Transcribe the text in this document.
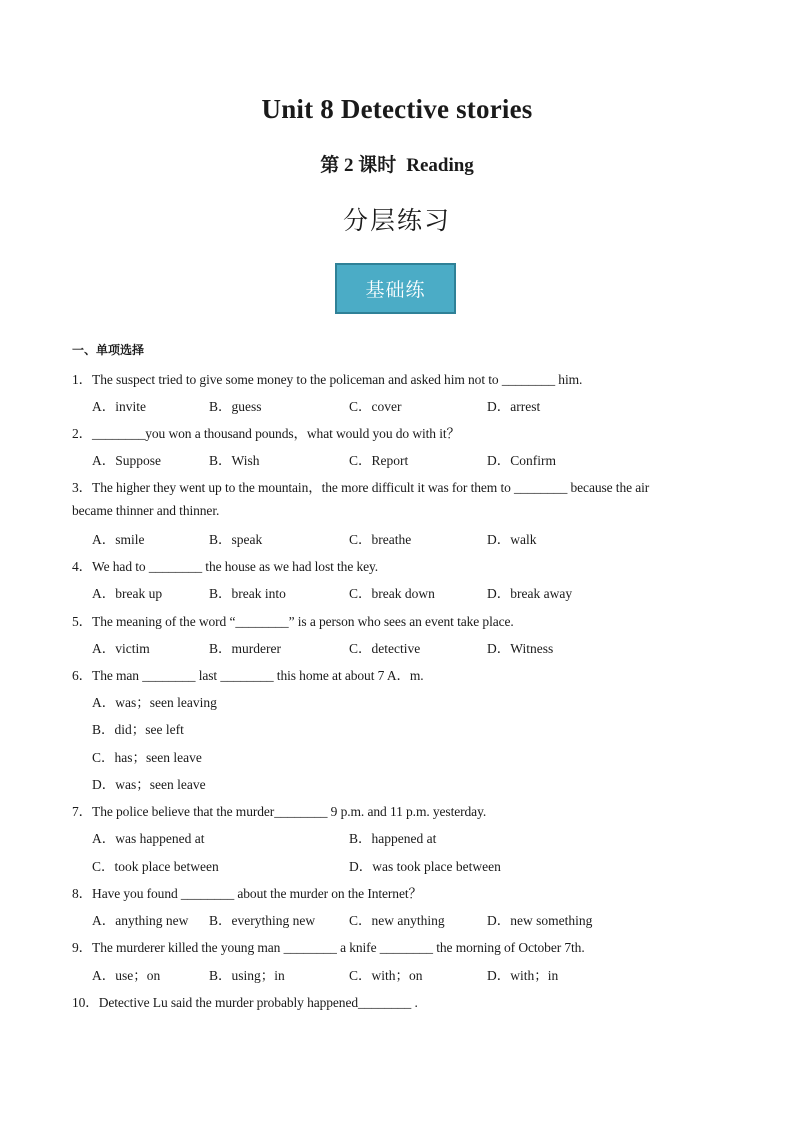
Unit 8 Detective stories
第 2 课时 Reading
分层练习
基础练
一、单项选择
1．The suspect tried to give some money to the policeman and asked him not to ________ him.
A．invite	B．guess	C．cover	D．arrest
2．________you won a thousand pounds，what would you do with it？
A．Suppose	B．Wish	C．Report	D．Confirm
3．The higher they went up to the mountain，the more difficult it was for them to ________ because the air
became thinner and thinner.
A．smile	B．speak	C．breathe	D．walk
4．We had to ________ the house as we had lost the key.
A．break up	B．break into	C．break down	D．break away
5．The meaning of the word “________” is a person who sees an event take place.
A．victim	B．murderer	C．detective	D．Witness
6．The man ________ last ________ this home at about 7 A．m.
A．was；seen leaving
B．did；see left
C．has；seen leave
D．was；seen leave
7．The police believe that the murder________ 9 p.m. and 11 p.m. yesterday.
A．was happened at	B．happened at
C．took place between	D．was took place between
8．Have you found ________ about the murder on the Internet？
A．anything new B．everything new	C．new anything	D．new something
9．The murderer killed the young man ________ a knife ________ the morning of October 7th.
A．use；on	B．using；in	C．with；on	D．with；in
10．Detective Lu said the murder probably happened________ .
